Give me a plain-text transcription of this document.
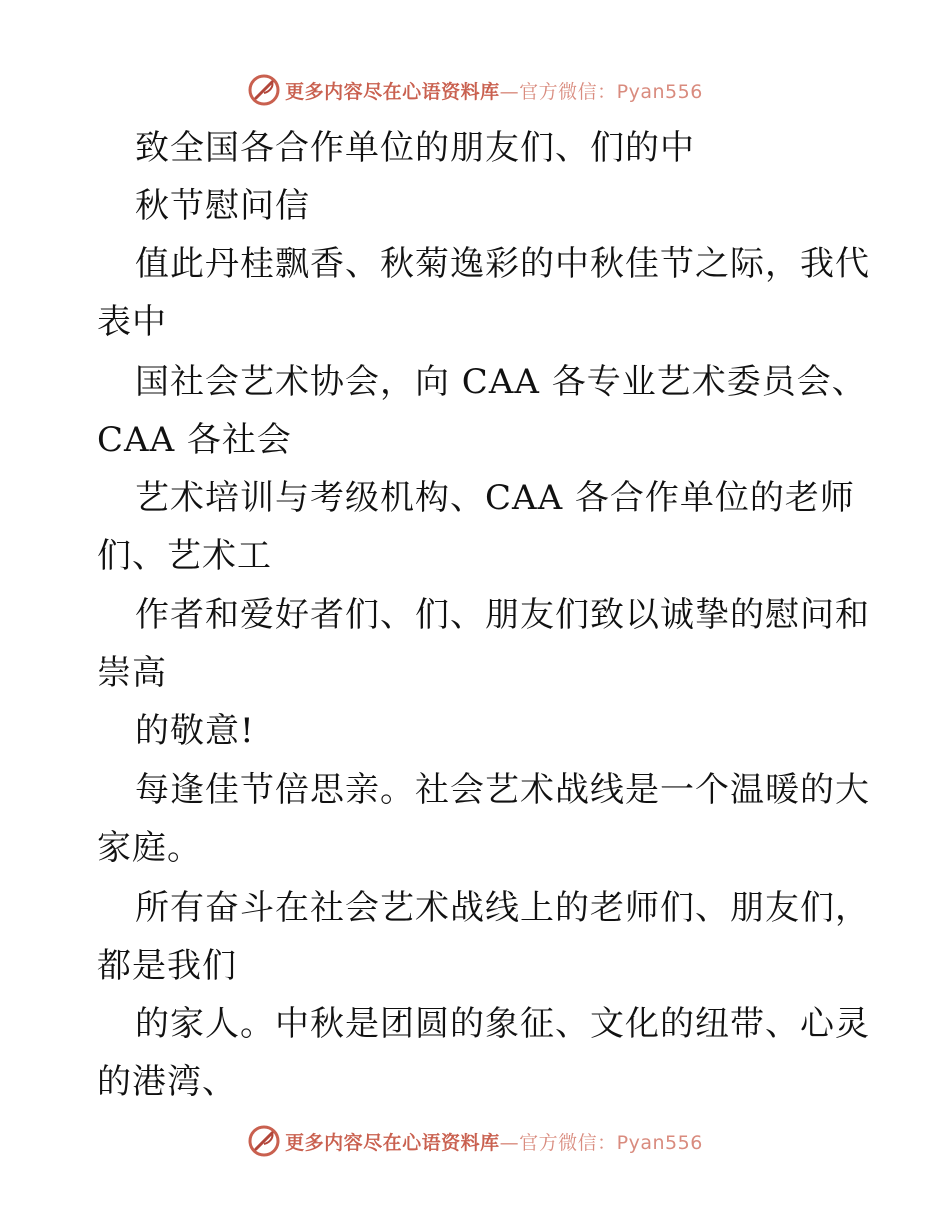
更多内容尽在心语资料库—官方微信：Pyan556
致全国各合作单位的朋友们、们的中
秋节慰问信
值此丹桂飘香、秋菊逸彩的中秋佳节之际，我代
表中
国社会艺术协会，向 CAA 各专业艺术委员会、
CAA 各社会
艺术培训与考级机构、CAA 各合作单位的老师
们、艺术工
作者和爱好者们、们、朋友们致以诚挚的慰问和
崇高
的敬意!
每逢佳节倍思亲。社会艺术战线是一个温暖的大
家庭。
所有奋斗在社会艺术战线上的老师们、朋友们，
都是我们
的家人。中秋是团圆的象征、文化的纽带、心灵
的港湾、
更多内容尽在心语资料库—官方微信：Pyan556
